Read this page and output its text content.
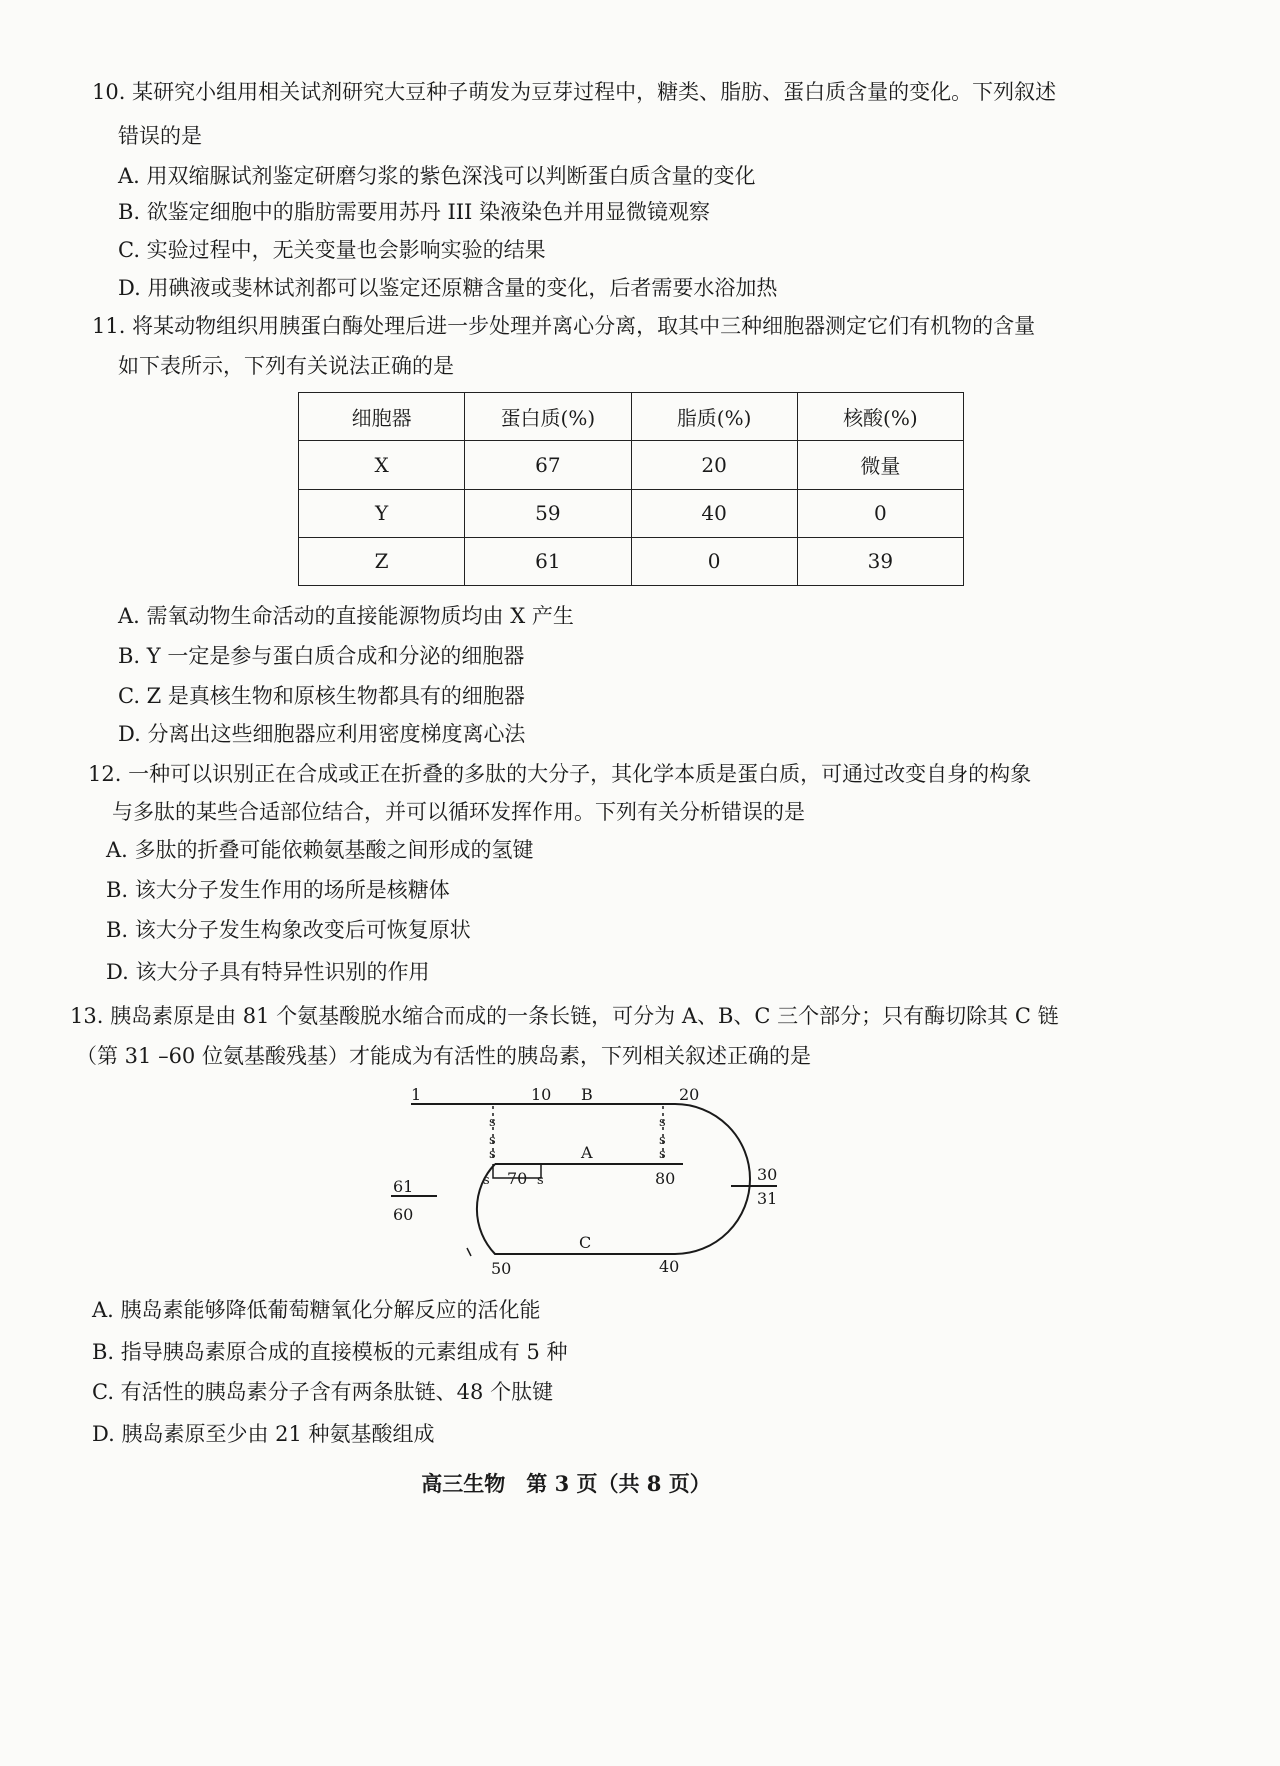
10. 某研究小组用相关试剂研究大豆种子萌发为豆芽过程中，糖类、脂肪、蛋白质含量的变化。下列叙述
错误的是
A. 用双缩脲试剂鉴定研磨匀浆的紫色深浅可以判断蛋白质含量的变化
B. 欲鉴定细胞中的脂肪需要用苏丹 III 染液染色并用显微镜观察
C. 实验过程中，无关变量也会影响实验的结果
D. 用碘液或斐林试剂都可以鉴定还原糖含量的变化，后者需要水浴加热
11. 将某动物组织用胰蛋白酶处理后进一步处理并离心分离，取其中三种细胞器测定它们有机物的含量
如下表所示，下列有关说法正确的是
细胞器	蛋白质(%)	脂质(%)	核酸(%)
X	67	20	微量
Y	59	40	0
Z	61	0	39
A. 需氧动物生命活动的直接能源物质均由 X 产生
B. Y 一定是参与蛋白质合成和分泌的细胞器
C. Z 是真核生物和原核生物都具有的细胞器
D. 分离出这些细胞器应利用密度梯度离心法
12. 一种可以识别正在合成或正在折叠的多肽的大分子，其化学本质是蛋白质，可通过改变自身的构象
与多肽的某些合适部位结合，并可以循环发挥作用。下列有关分析错误的是
A. 多肽的折叠可能依赖氨基酸之间形成的氢键
B. 该大分子发生作用的场所是核糖体
B. 该大分子发生构象改变后可恢复原状
D. 该大分子具有特异性识别的作用
13. 胰岛素原是由 81 个氨基酸脱水缩合而成的一条长链，可分为 A、B、C 三个部分；只有酶切除其 C 链
（第 31 –60 位氨基酸残基）才能成为有活性的胰岛素，下列相关叙述正确的是
1	10 B	20
s
s
s
s
s
s
A
s 70 s	80	30
31
61
60
C
50	40
A. 胰岛素能够降低葡萄糖氧化分解反应的活化能
B. 指导胰岛素原合成的直接模板的元素组成有 5 种
C. 有活性的胰岛素分子含有两条肽链、48 个肽键
D. 胰岛素原至少由 21 种氨基酸组成
高三生物　第 3 页（共 8 页）
